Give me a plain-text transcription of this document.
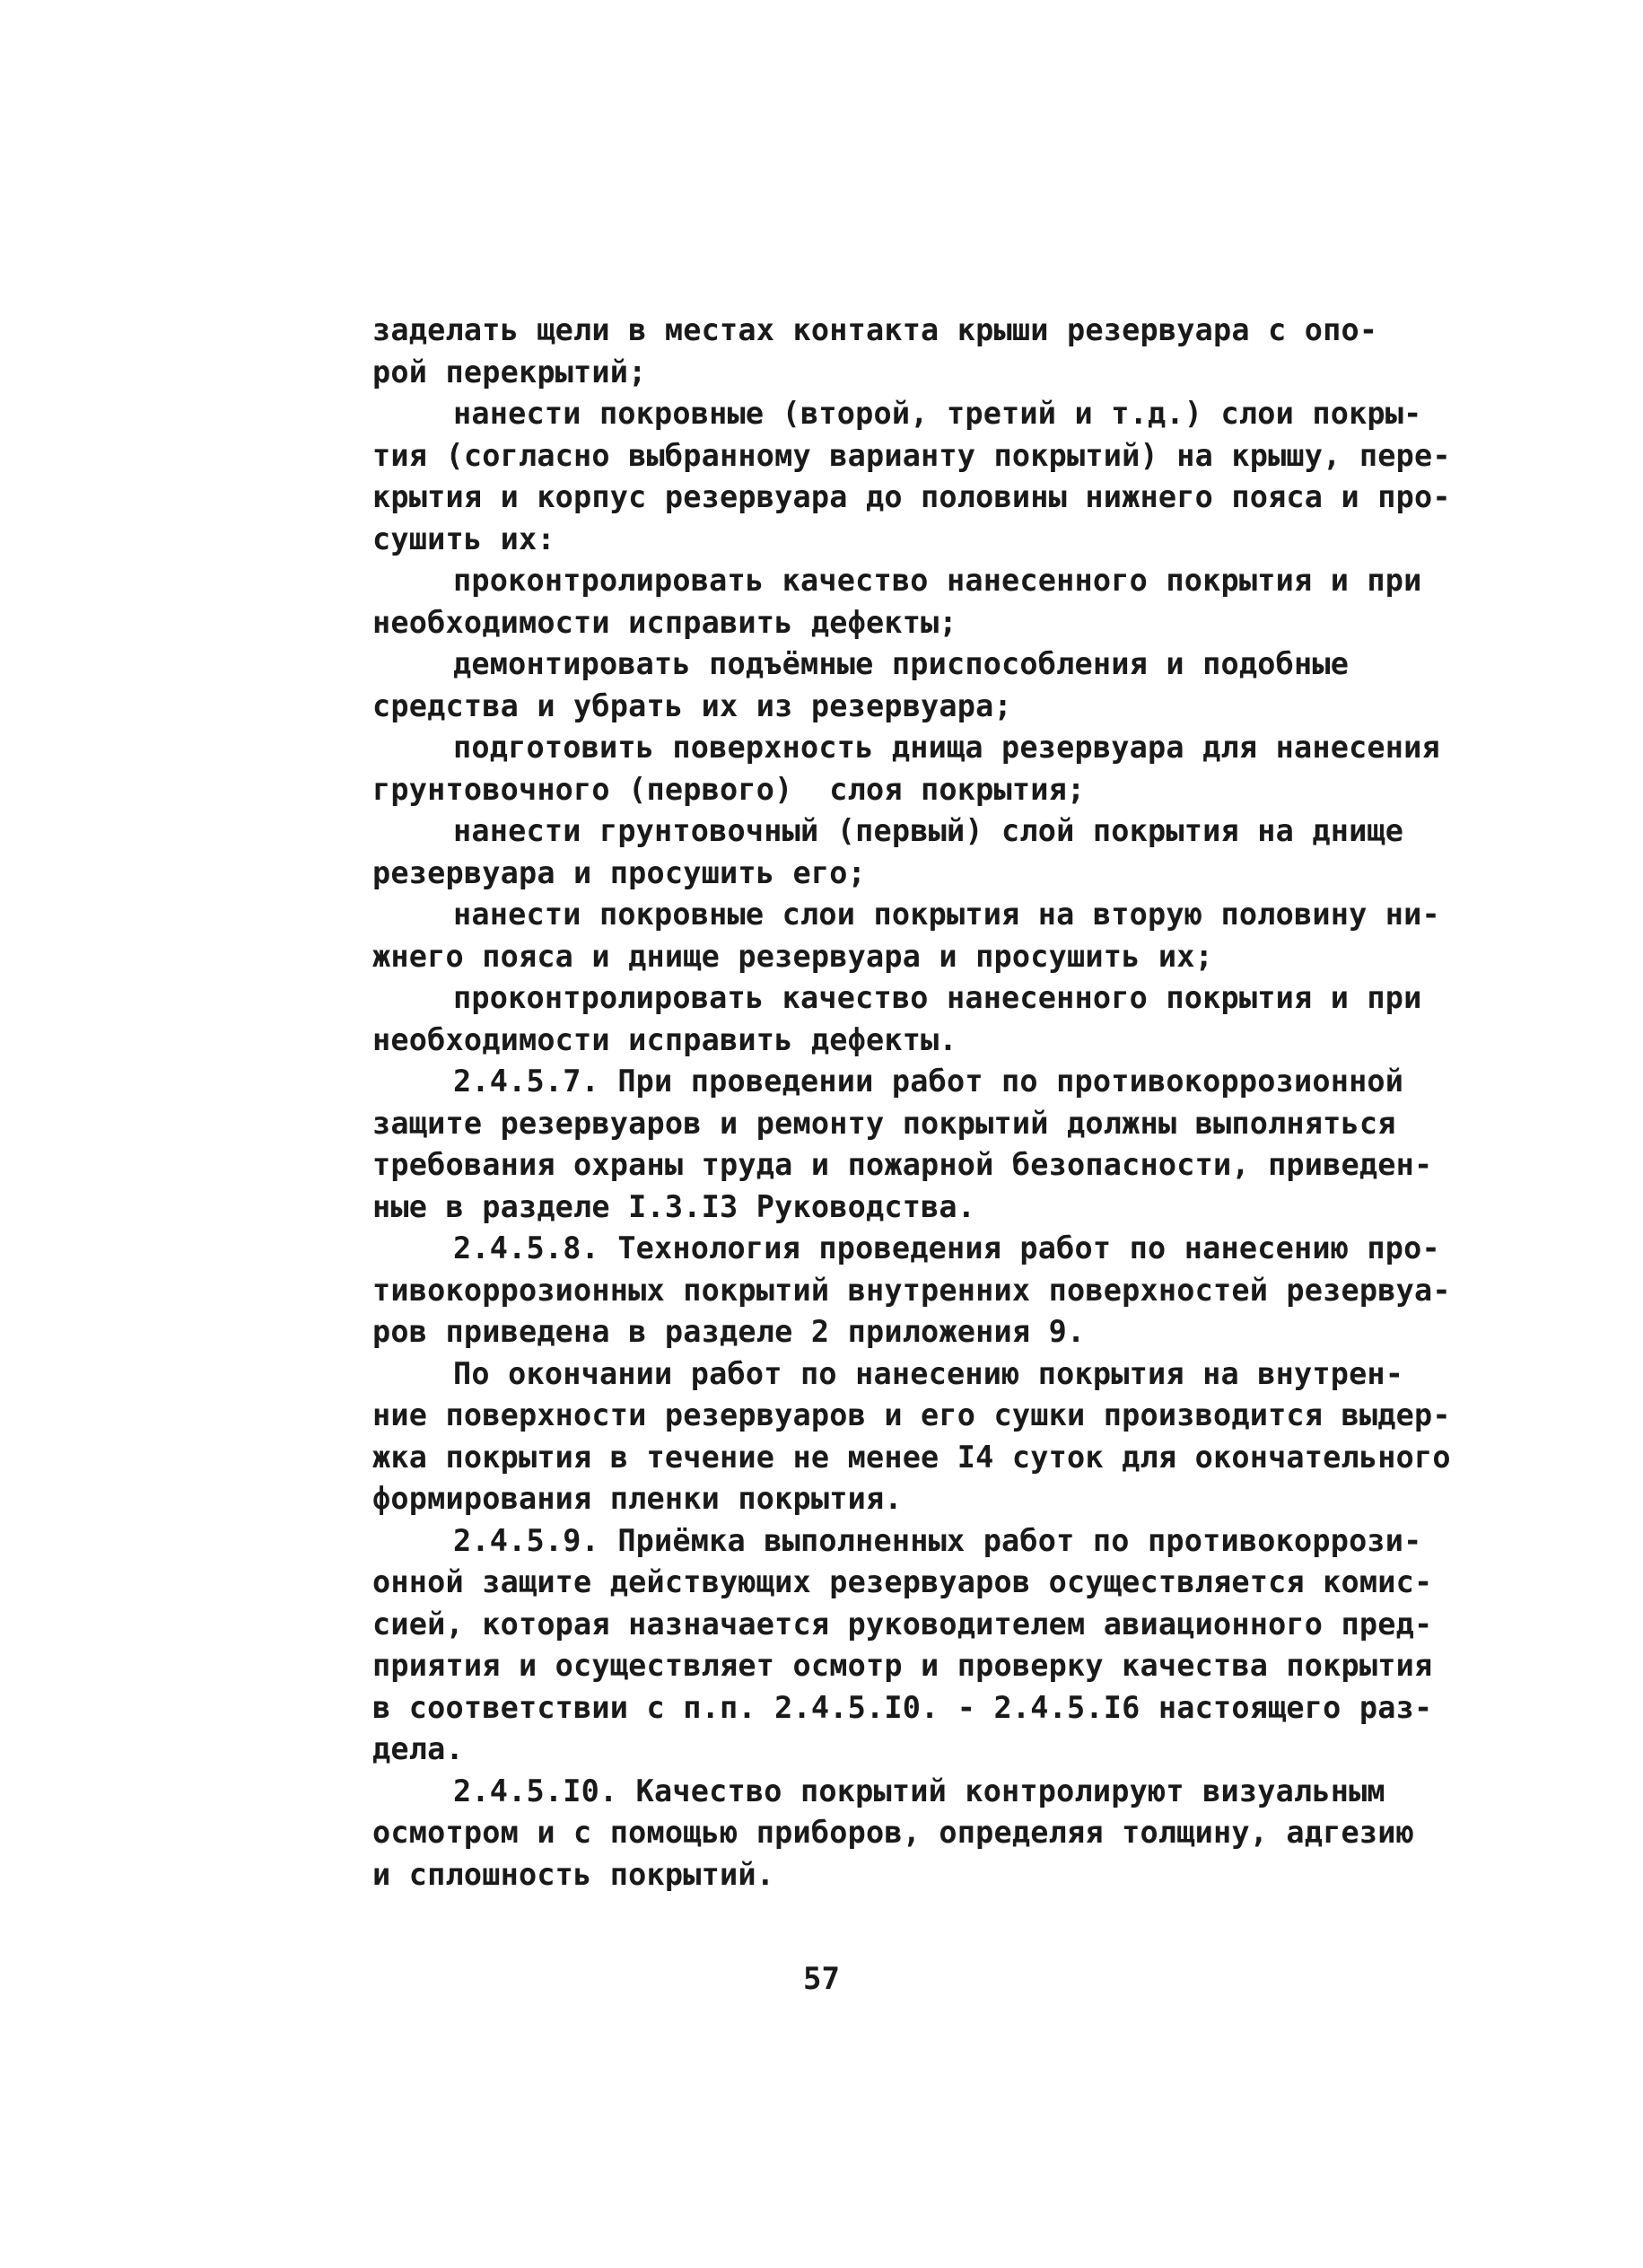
заделать щели в местах контакта крыши резервуара с опо-
рой перекрытий;
нанести покровные (второй, третий и т.д.) слои покры-
тия (согласно выбранному варианту покрытий) на крышу, пере-
крытия и корпус резервуара до половины нижнего пояса и про-
сушить их:
проконтролировать качество нанесенного покрытия и при
необходимости исправить дефекты;
демонтировать подъёмные приспособления и подобные
средства и убрать их из резервуара;
подготовить поверхность днища резервуара для нанесения
грунтовочного (первого)  слоя покрытия;
нанести грунтовочный (первый) слой покрытия на днище
резервуара и просушить его;
нанести покровные слои покрытия на вторую половину ни-
жнего пояса и днище резервуара и просушить их;
проконтролировать качество нанесенного покрытия и при
необходимости исправить дефекты.
2.4.5.7. При проведении работ по противокоррозионной
защите резервуаров и ремонту покрытий должны выполняться
требования охраны труда и пожарной безопасности, приведен-
ные в разделе I.3.I3 Руководства.
2.4.5.8. Технология проведения работ по нанесению про-
тивокоррозионных покрытий внутренних поверхностей резервуа-
ров приведена в разделе 2 приложения 9.
По окончании работ по нанесению покрытия на внутрен-
ние поверхности резервуаров и его сушки производится выдер-
жка покрытия в течение не менее I4 суток для окончательного
формирования пленки покрытия.
2.4.5.9. Приёмка выполненных работ по противокоррози-
онной защите действующих резервуаров осуществляется комис-
сией, которая назначается руководителем авиационного пред-
приятия и осуществляет осмотр и проверку качества покрытия
в соответствии с п.п. 2.4.5.I0. - 2.4.5.I6 настоящего раз-
дела.
2.4.5.I0. Качество покрытий контролируют визуальным
осмотром и с помощью приборов, определяя толщину, адгезию
и сплошность покрытий.
57
